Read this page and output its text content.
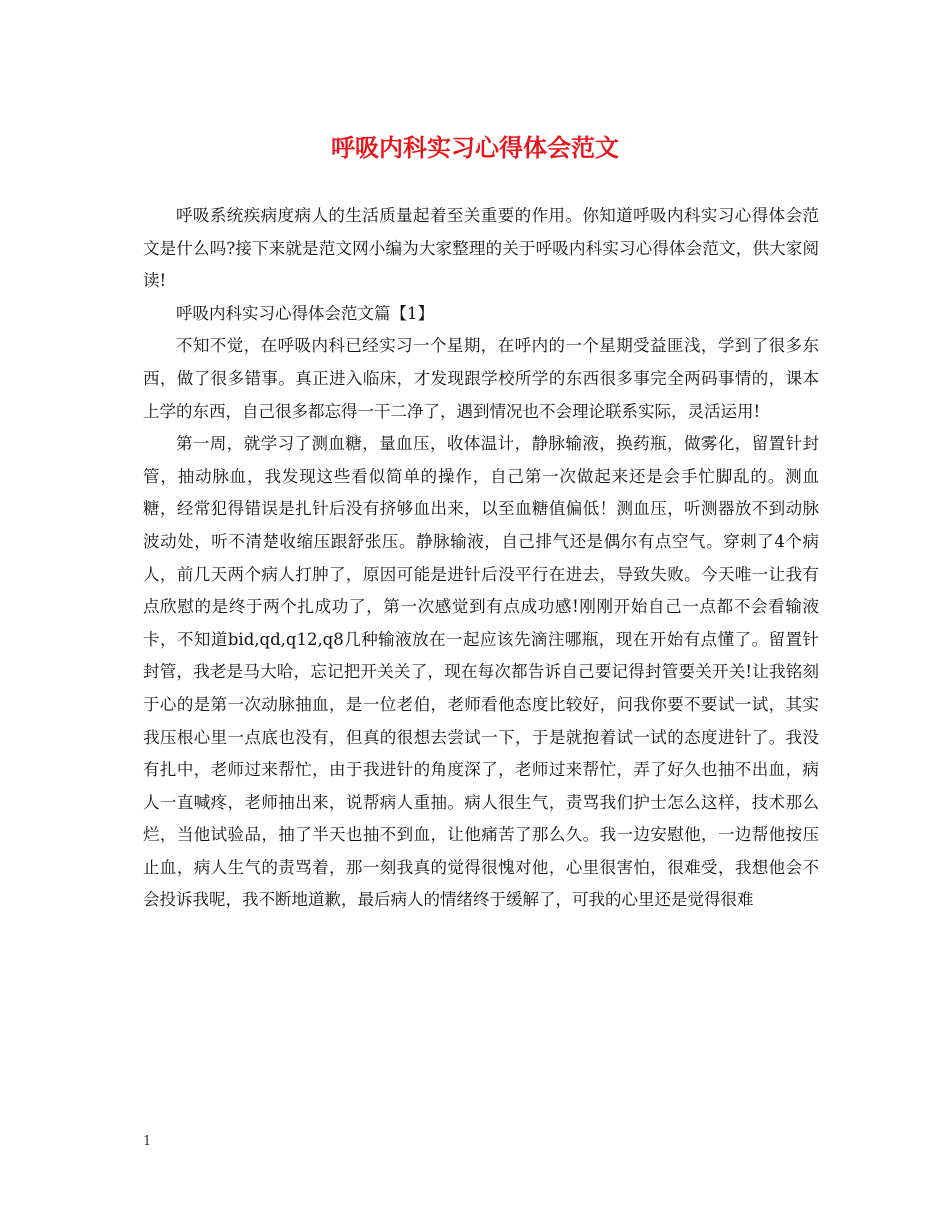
呼吸内科实习心得体会范文

呼吸系统疾病度病人的生活质量起着至关重要的作用。你知道呼吸内科实习心得体会范文是什么吗?接下来就是范文网小编为大家整理的关于呼吸内科实习心得体会范文，供大家阅读!

呼吸内科实习心得体会范文篇【1】

不知不觉，在呼吸内科已经实习一个星期，在呼内的一个星期受益匪浅，学到了很多东西，做了很多错事。真正进入临床，才发现跟学校所学的东西很多事完全两码事情的，课本上学的东西，自己很多都忘得一干二净了，遇到情况也不会理论联系实际，灵活运用!

第一周，就学习了测血糖，量血压，收体温计，静脉输液，换药瓶，做雾化，留置针封管，抽动脉血，我发现这些看似简单的操作，自己第一次做起来还是会手忙脚乱的。测血糖，经常犯得错误是扎针后没有挤够血出来，以至血糖值偏低！测血压，听测器放不到动脉波动处，听不清楚收缩压跟舒张压。静脉输液，自己排气还是偶尔有点空气。穿刺了4个病人，前几天两个病人打肿了，原因可能是进针后没平行在进去，导致失败。今天唯一让我有点欣慰的是终于两个扎成功了，第一次感觉到有点成功感!刚刚开始自己一点都不会看输液卡，不知道bid,qd,q12,q8几种输液放在一起应该先滴注哪瓶，现在开始有点懂了。留置针封管，我老是马大哈，忘记把开关关了，现在每次都告诉自己要记得封管要关开关!让我铭刻于心的是第一次动脉抽血，是一位老伯，老师看他态度比较好，问我你要不要试一试，其实我压根心里一点底也没有，但真的很想去尝试一下，于是就抱着试一试的态度进针了。我没有扎中，老师过来帮忙，由于我进针的角度深了，老师过来帮忙，弄了好久也抽不出血，病人一直喊疼，老师抽出来，说帮病人重抽。病人很生气，责骂我们护士怎么这样，技术那么烂，当他试验品，抽了半天也抽不到血，让他痛苦了那么久。我一边安慰他，一边帮他按压止血，病人生气的责骂着，那一刻我真的觉得很愧对他，心里很害怕，很难受，我想他会不会投诉我呢，我不断地道歉，最后病人的情绪终于缓解了，可我的心里还是觉得很难

1
